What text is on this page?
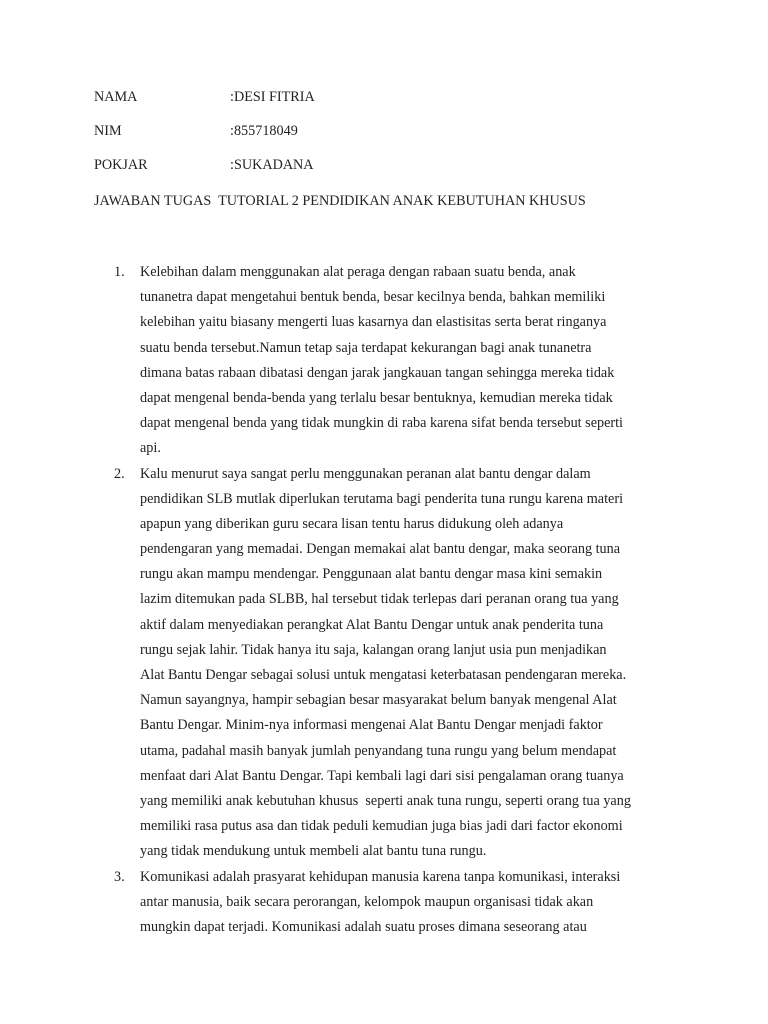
NAMA	:DESI FITRIA
NIM	:855718049
POKJAR	:SUKADANA
JAWABAN TUGAS  TUTORIAL 2 PENDIDIKAN ANAK KEBUTUHAN KHUSUS
1. Kelebihan dalam menggunakan alat peraga dengan rabaan suatu benda, anak
tunanetra dapat mengetahui bentuk benda, besar kecilnya benda, bahkan memiliki
kelebihan yaitu biasany mengerti luas kasarnya dan elastisitas serta berat ringanya
suatu benda tersebut.Namun tetap saja terdapat kekurangan bagi anak tunanetra
dimana batas rabaan dibatasi dengan jarak jangkauan tangan sehingga mereka tidak
dapat mengenal benda-benda yang terlalu besar bentuknya, kemudian mereka tidak
dapat mengenal benda yang tidak mungkin di raba karena sifat benda tersebut seperti
api.
2. Kalu menurut saya sangat perlu menggunakan peranan alat bantu dengar dalam
pendidikan SLB mutlak diperlukan terutama bagi penderita tuna rungu karena materi
apapun yang diberikan guru secara lisan tentu harus didukung oleh adanya
pendengaran yang memadai. Dengan memakai alat bantu dengar, maka seorang tuna
rungu akan mampu mendengar. Penggunaan alat bantu dengar masa kini semakin
lazim ditemukan pada SLBB, hal tersebut tidak terlepas dari peranan orang tua yang
aktif dalam menyediakan perangkat Alat Bantu Dengar untuk anak penderita tuna
rungu sejak lahir. Tidak hanya itu saja, kalangan orang lanjut usia pun menjadikan
Alat Bantu Dengar sebagai solusi untuk mengatasi keterbatasan pendengaran mereka.
Namun sayangnya, hampir sebagian besar masyarakat belum banyak mengenal Alat
Bantu Dengar. Minim-nya informasi mengenai Alat Bantu Dengar menjadi faktor
utama, padahal masih banyak jumlah penyandang tuna rungu yang belum mendapat
menfaat dari Alat Bantu Dengar. Tapi kembali lagi dari sisi pengalaman orang tuanya
yang memiliki anak kebutuhan khusus  seperti anak tuna rungu, seperti orang tua yang
memiliki rasa putus asa dan tidak peduli kemudian juga bias jadi dari factor ekonomi
yang tidak mendukung untuk membeli alat bantu tuna rungu.
3. Komunikasi adalah prasyarat kehidupan manusia karena tanpa komunikasi, interaksi
antar manusia, baik secara perorangan, kelompok maupun organisasi tidak akan
mungkin dapat terjadi. Komunikasi adalah suatu proses dimana seseorang atau
